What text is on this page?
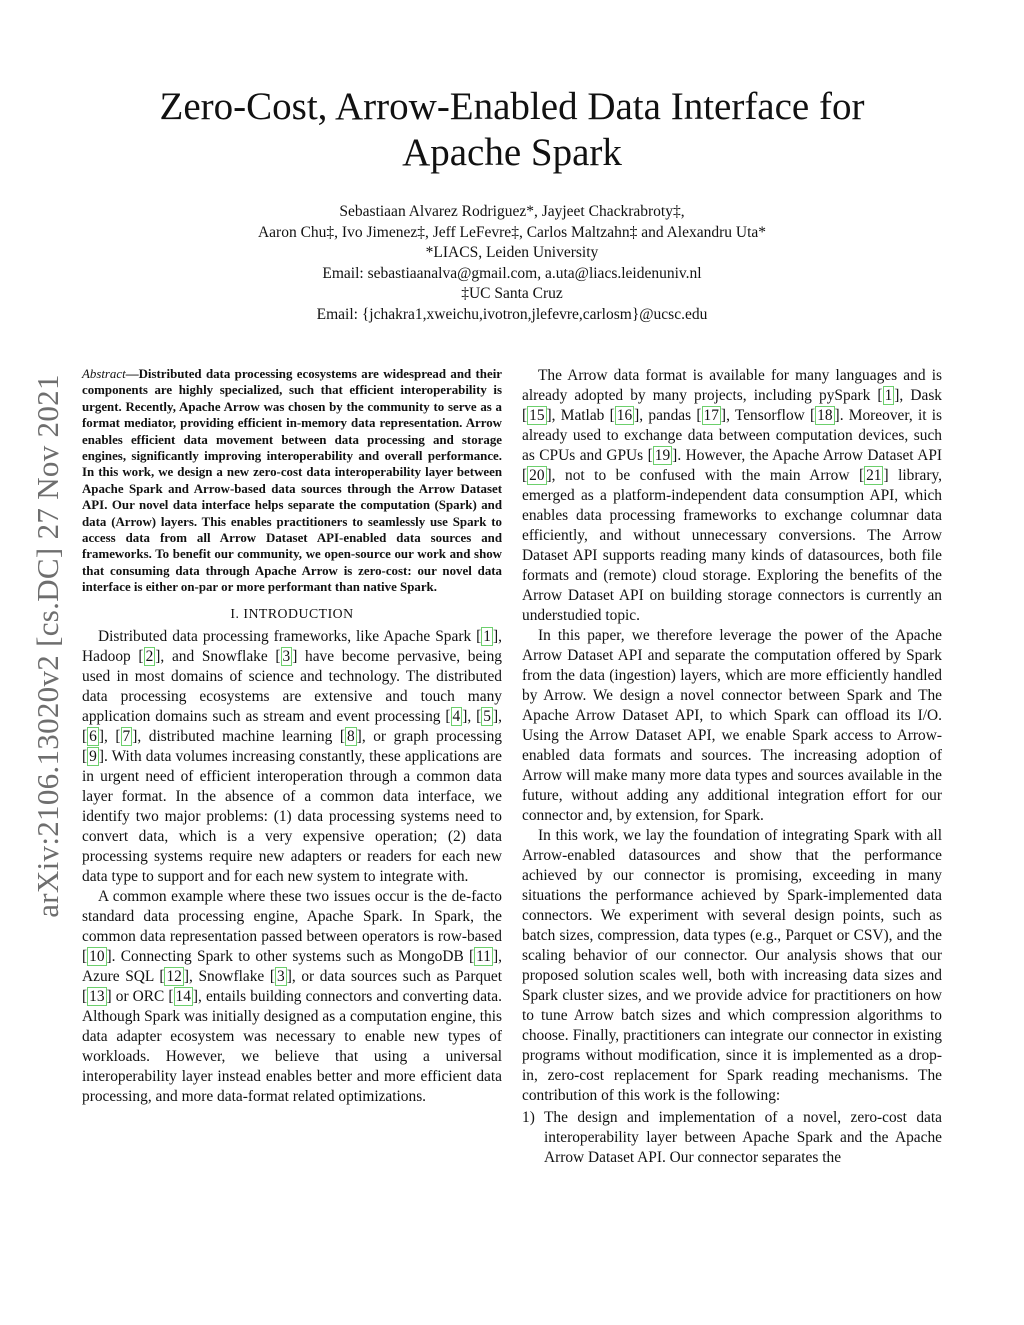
arXiv:2106.13020v2 [cs.DC] 27 Nov 2021
Zero-Cost, Arrow-Enabled Data Interface for
Apache Spark
Sebastiaan Alvarez Rodriguez*, Jayjeet Chackrabroty‡,
Aaron Chu‡, Ivo Jimenez‡, Jeff LeFevre‡, Carlos Maltzahn‡ and Alexandru Uta*
*LIACS, Leiden University
Email: sebastiaanalva@gmail.com, a.uta@liacs.leidenuniv.nl
‡UC Santa Cruz
Email: {jchakra1,xweichu,ivotron,jlefevre,carlosm}@ucsc.edu

Abstract—Distributed data processing ecosystems are widespread and their components are highly specialized, such that efficient interoperability is urgent. Recently, Apache Arrow was chosen by the community to serve as a format mediator, providing efficient in-memory data representation. Arrow enables efficient data movement between data processing and storage engines, significantly improving interoperability and overall performance. In this work, we design a new zero-cost data interoperability layer between Apache Spark and Arrow-based data sources through the Arrow Dataset API. Our novel data interface helps separate the computation (Spark) and data (Arrow) layers. This enables practitioners to seamlessly use Spark to access data from all Arrow Dataset API-enabled data sources and frameworks. To benefit our community, we open-source our work and show that consuming data through Apache Arrow is zero-cost: our novel data interface is either on-par or more performant than native Spark.

I. INTRODUCTION

Distributed data processing frameworks, like Apache Spark [ 1 ], Hadoop [ 2 ], and Snowflake [ 3 ] have become pervasive, being used in most domains of science and technology. The distributed data processing ecosystems are extensive and touch many application domains such as stream and event processing [ 4 ], [ 5 ], [ 6 ], [ 7 ], distributed machine learning [ 8 ], or graph processing [ 9 ]. With data volumes increasing constantly, these applications are in urgent need of efficient interoperation through a common data layer format. In the absence of a common data interface, we identify two major problems: (1) data processing systems need to convert data, which is a very expensive operation; (2) data processing systems require new adapters or readers for each new data type to support and for each new system to integrate with.

A common example where these two issues occur is the de-facto standard data processing engine, Apache Spark. In Spark, the common data representation passed between operators is row-based [ 10 ]. Connecting Spark to other systems such as MongoDB [ 11 ], Azure SQL [ 12 ], Snowflake [ 3 ], or data sources such as Parquet [ 13 ] or ORC [ 14 ], entails building connectors and converting data. Although Spark was initially designed as a computation engine, this data adapter ecosystem was necessary to enable new types of workloads. However, we believe that using a universal interoperability layer instead enables better and more efficient data processing, and more data-format related optimizations.

The Arrow data format is available for many languages and is already adopted by many projects, including pySpark [ 1 ], Dask [ 15 ], Matlab [ 16 ], pandas [ 17 ], Tensorflow [ 18 ]. Moreover, it is already used to exchange data between computation devices, such as CPUs and GPUs [ 19 ]. However, the Apache Arrow Dataset API [ 20 ], not to be confused with the main Arrow [ 21 ] library, emerged as a platform-independent data consumption API, which enables data processing frameworks to exchange columnar data efficiently, and without unnecessary conversions. The Arrow Dataset API supports reading many kinds of datasources, both file formats and (remote) cloud storage. Exploring the benefits of the Arrow Dataset API on building storage connectors is currently an understudied topic.

In this paper, we therefore leverage the power of the Apache Arrow Dataset API and separate the computation offered by Spark from the data (ingestion) layers, which are more efficiently handled by Arrow. We design a novel connector between Spark and The Apache Arrow Dataset API, to which Spark can offload its I/O. Using the Arrow Dataset API, we enable Spark access to Arrow-enabled data formats and sources. The increasing adoption of Arrow will make many more data types and sources available in the future, without adding any additional integration effort for our connector and, by extension, for Spark.

In this work, we lay the foundation of integrating Spark with all Arrow-enabled datasources and show that the performance achieved by our connector is promising, exceeding in many situations the performance achieved by Spark-implemented data connectors. We experiment with several design points, such as batch sizes, compression, data types (e.g., Parquet or CSV), and the scaling behavior of our connector. Our analysis shows that our proposed solution scales well, both with increasing data sizes and Spark cluster sizes, and we provide advice for practitioners on how to tune Arrow batch sizes and which compression algorithms to choose. Finally, practitioners can integrate our connector in existing programs without modification, since it is implemented as a drop-in, zero-cost replacement for Spark reading mechanisms. The contribution of this work is the following:

1) The design and implementation of a novel, zero-cost data interoperability layer between Apache Spark and the Apache Arrow Dataset API. Our connector separates the
